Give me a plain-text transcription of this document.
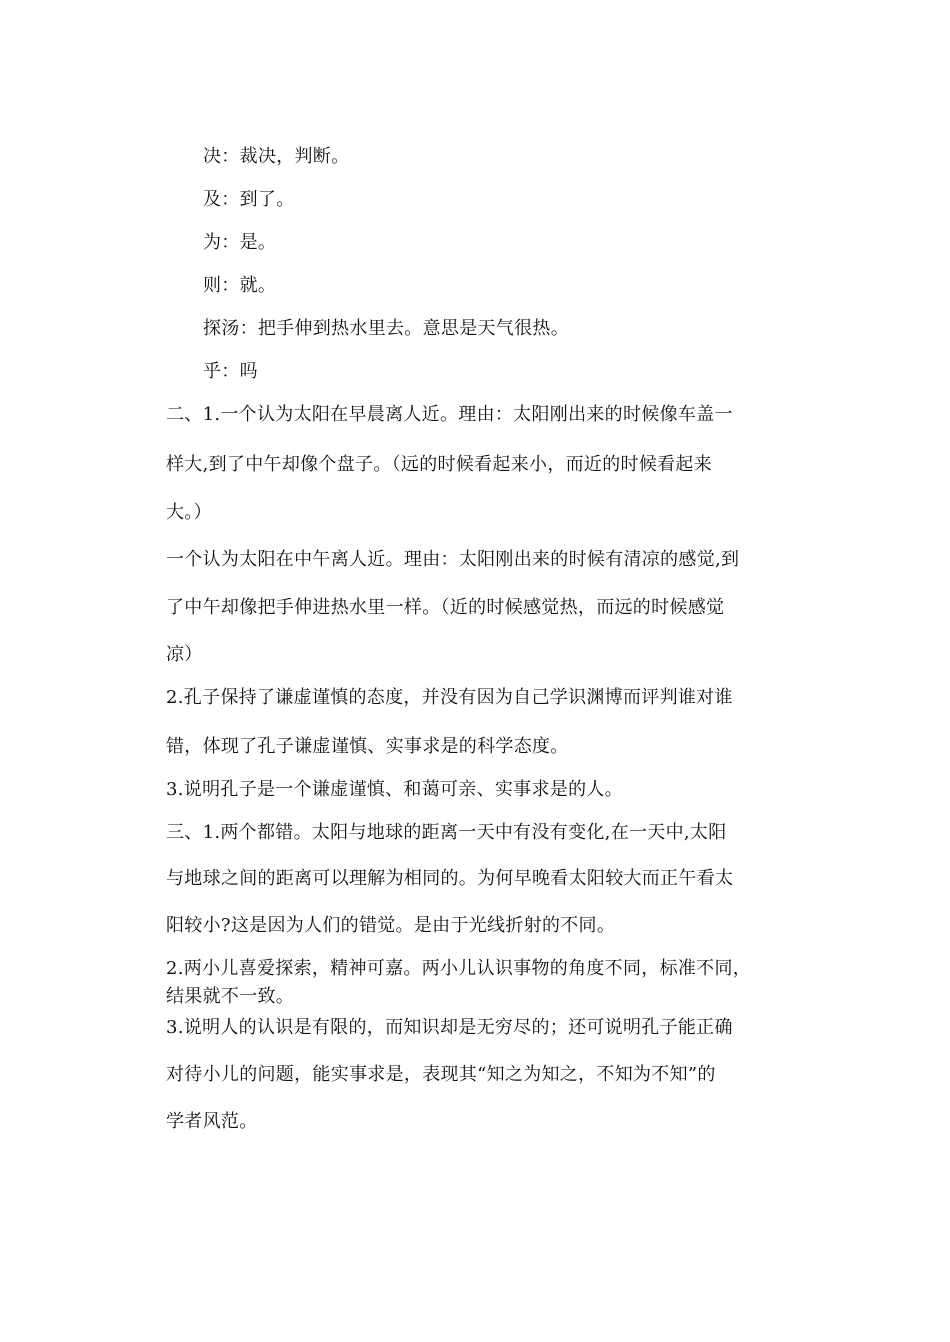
决：裁决，判断。
及：到了。
为：是。
则：就。
探汤：把手伸到热水里去。意思是天气很热。
乎：吗
二、1.一个认为太阳在早晨离人近。理由：太阳刚出来的时候像车盖一
样大,到了中午却像个盘子。（远的时候看起来小，而近的时候看起来
大。）
一个认为太阳在中午离人近。理由：太阳刚出来的时候有清凉的感觉,到
了中午却像把手伸进热水里一样。（近的时候感觉热，而远的时候感觉
凉）
2.孔子保持了谦虚谨慎的态度，并没有因为自己学识渊博而评判谁对谁
错，体现了孔子谦虚谨慎、实事求是的科学态度。
3.说明孔子是一个谦虚谨慎、和蔼可亲、实事求是的人。
三、1.两个都错。太阳与地球的距离一天中有没有变化,在一天中,太阳
与地球之间的距离可以理解为相同的。为何早晚看太阳较大而正午看太
阳较小?这是因为人们的错觉。是由于光线折射的不同。
2.两小儿喜爱探索，精神可嘉。两小儿认识事物的角度不同，标准不同，
结果就不一致。
3.说明人的认识是有限的，而知识却是无穷尽的；还可说明孔子能正确
对待小儿的问题，能实事求是，表现其“知之为知之，不知为不知”的
学者风范。
